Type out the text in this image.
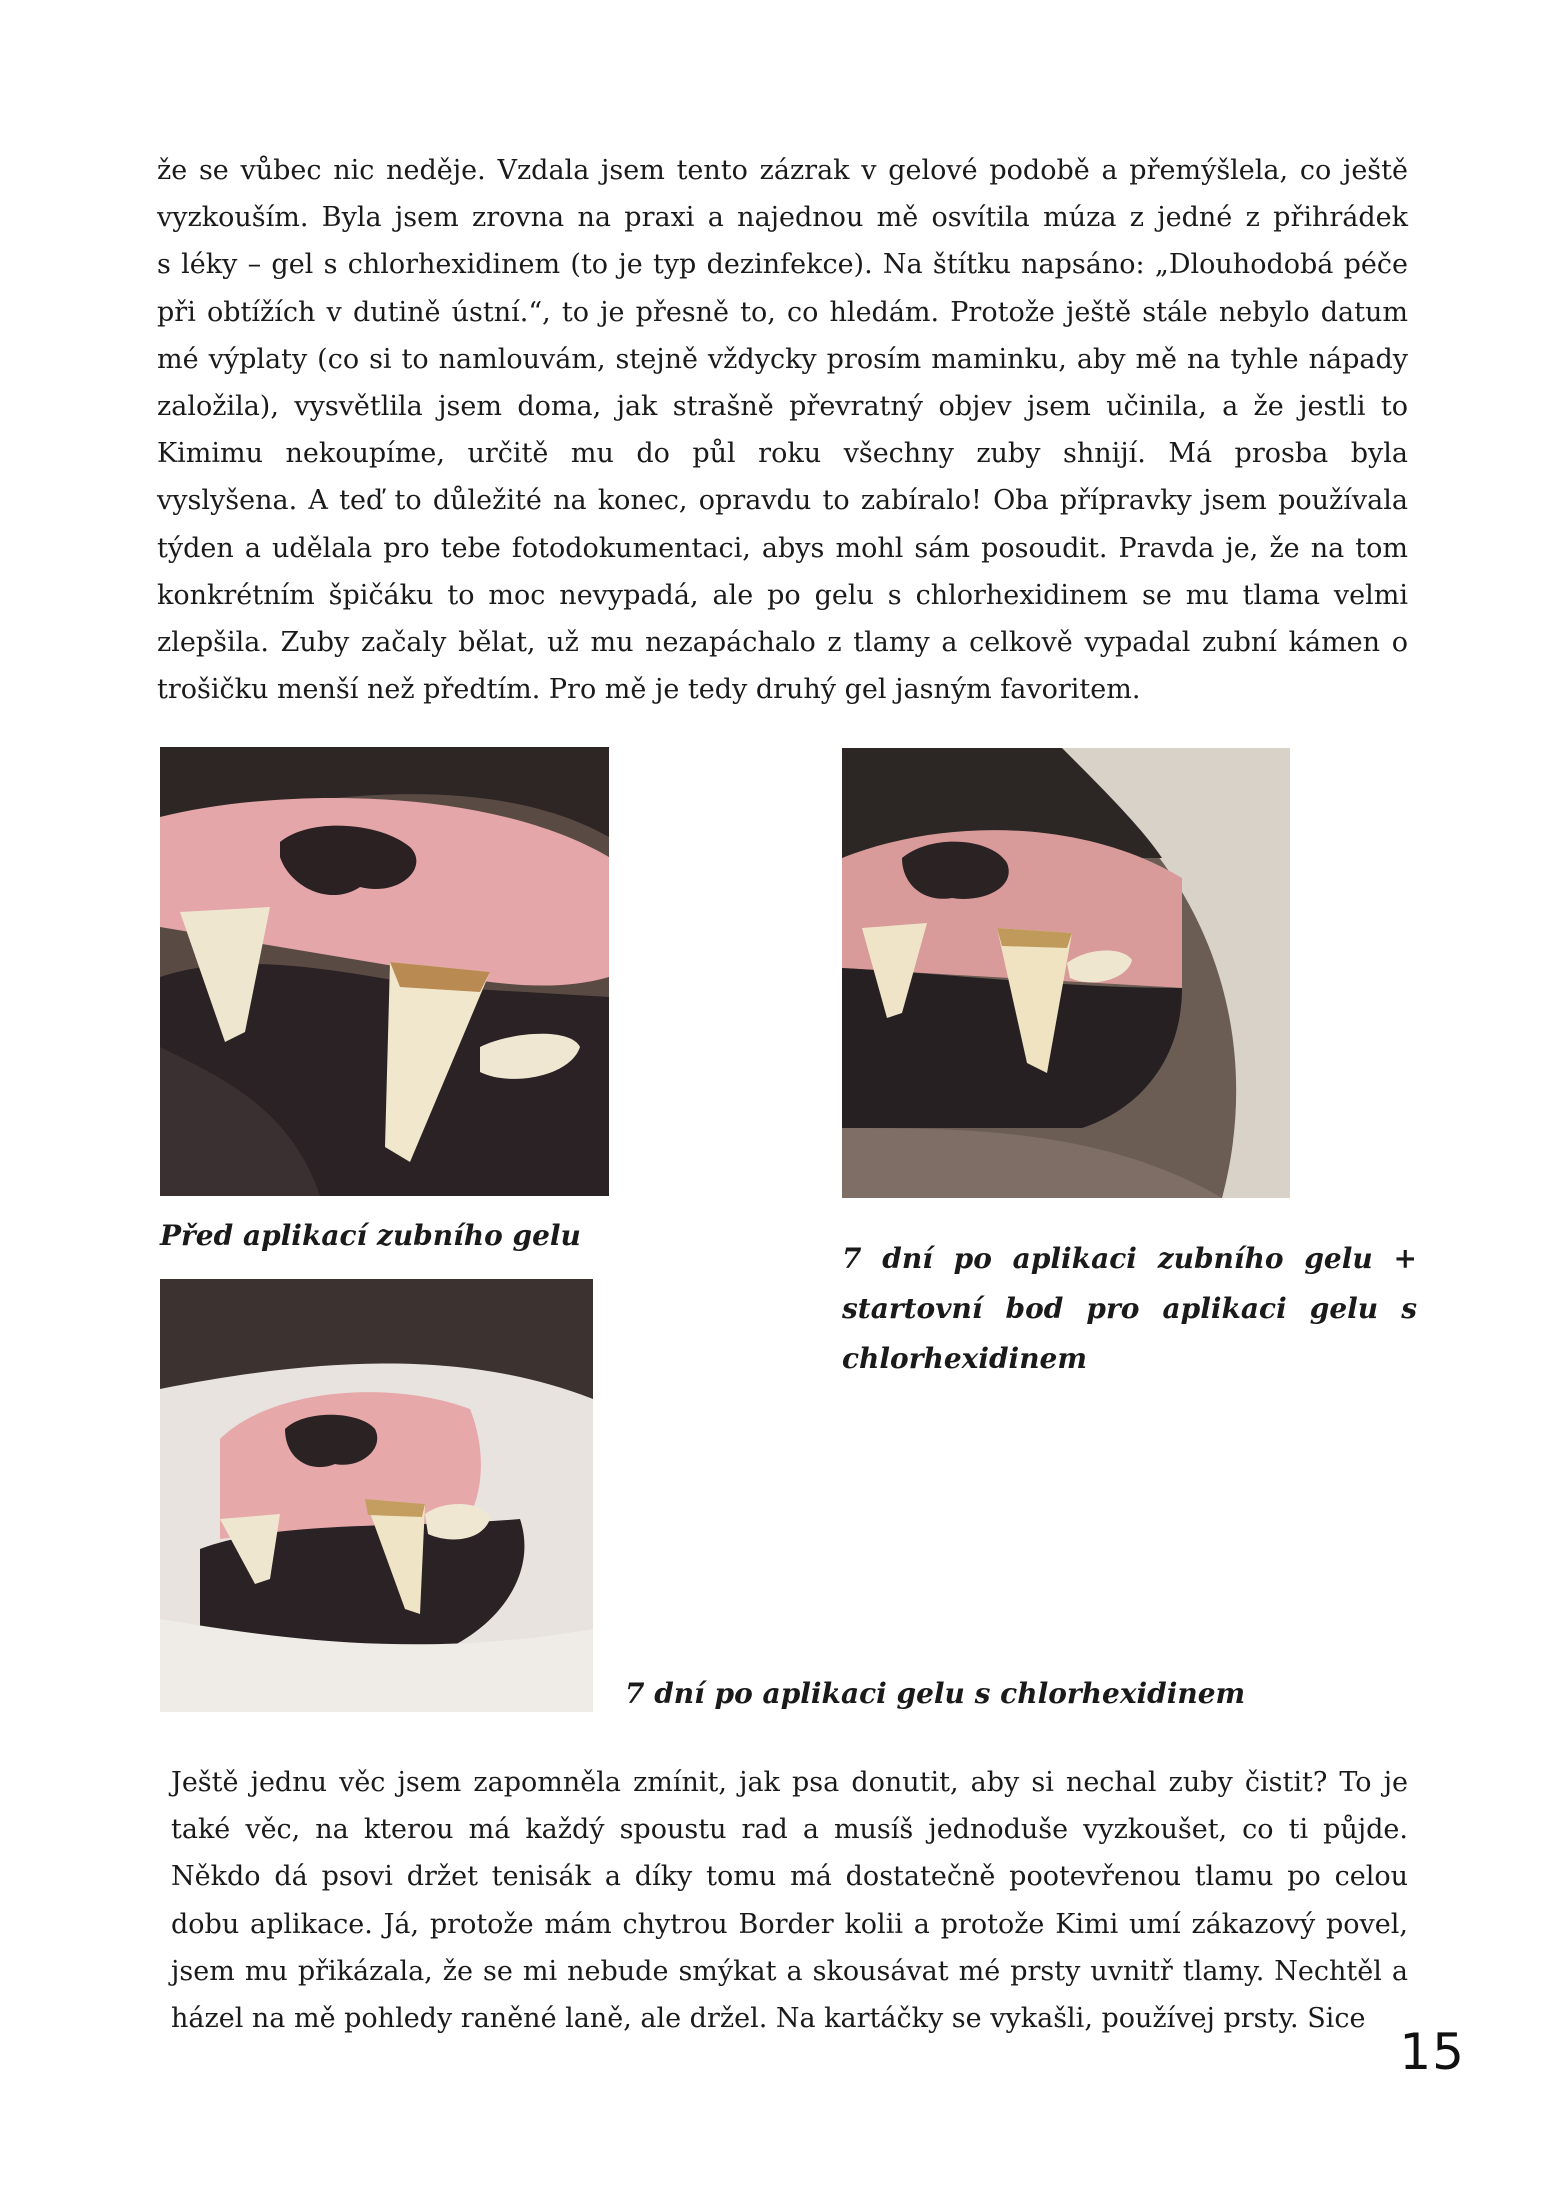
že se vůbec nic neděje. Vzdala jsem tento zázrak v gelové podobě a přemýšlela, co ještě
vyzkouším. Byla jsem zrovna na praxi a najednou mě osvítila múza z jedné z přihrádek
s léky – gel s chlorhexidinem (to je typ dezinfekce). Na štítku napsáno: „Dlouhodobá péče
při obtížích v dutině ústní.“, to je přesně to, co hledám. Protože ještě stále nebylo datum
mé výplaty (co si to namlouvám, stejně vždycky prosím maminku, aby mě na tyhle nápady
založila), vysvětlila jsem doma, jak strašně převratný objev jsem učinila, a že jestli to
Kimimu nekoupíme, určitě mu do půl roku všechny zuby shnijí. Má prosba byla
vyslyšena. A teď to důležité na konec, opravdu to zabíralo! Oba přípravky jsem používala
týden a udělala pro tebe fotodokumentaci, abys mohl sám posoudit. Pravda je, že na tom
konkrétním špičáku to moc nevypadá, ale po gelu s chlorhexidinem se mu tlama velmi
zlepšila. Zuby začaly bělat, už mu nezapáchalo z tlamy a celkově vypadal zubní kámen o
trošičku menší než předtím. Pro mě je tedy druhý gel jasným favoritem.

Před aplikací zubního gelu

7 dní po aplikaci zubního gelu +
startovní bod pro aplikaci gelu s
chlorhexidinem

7 dní po aplikaci gelu s chlorhexidinem

Ještě jednu věc jsem zapomněla zmínit, jak psa donutit, aby si nechal zuby čistit? To je
také věc, na kterou má každý spoustu rad a musíš jednoduše vyzkoušet, co ti půjde.
Někdo dá psovi držet tenisák a díky tomu má dostatečně pootevřenou tlamu po celou
dobu aplikace. Já, protože mám chytrou Border kolii a protože Kimi umí zákazový povel,
jsem mu přikázala, že se mi nebude smýkat a skousávat mé prsty uvnitř tlamy. Nechtěl a
házel na mě pohledy raněné laně, ale držel. Na kartáčky se vykašli, používej prsty. Sice

15
